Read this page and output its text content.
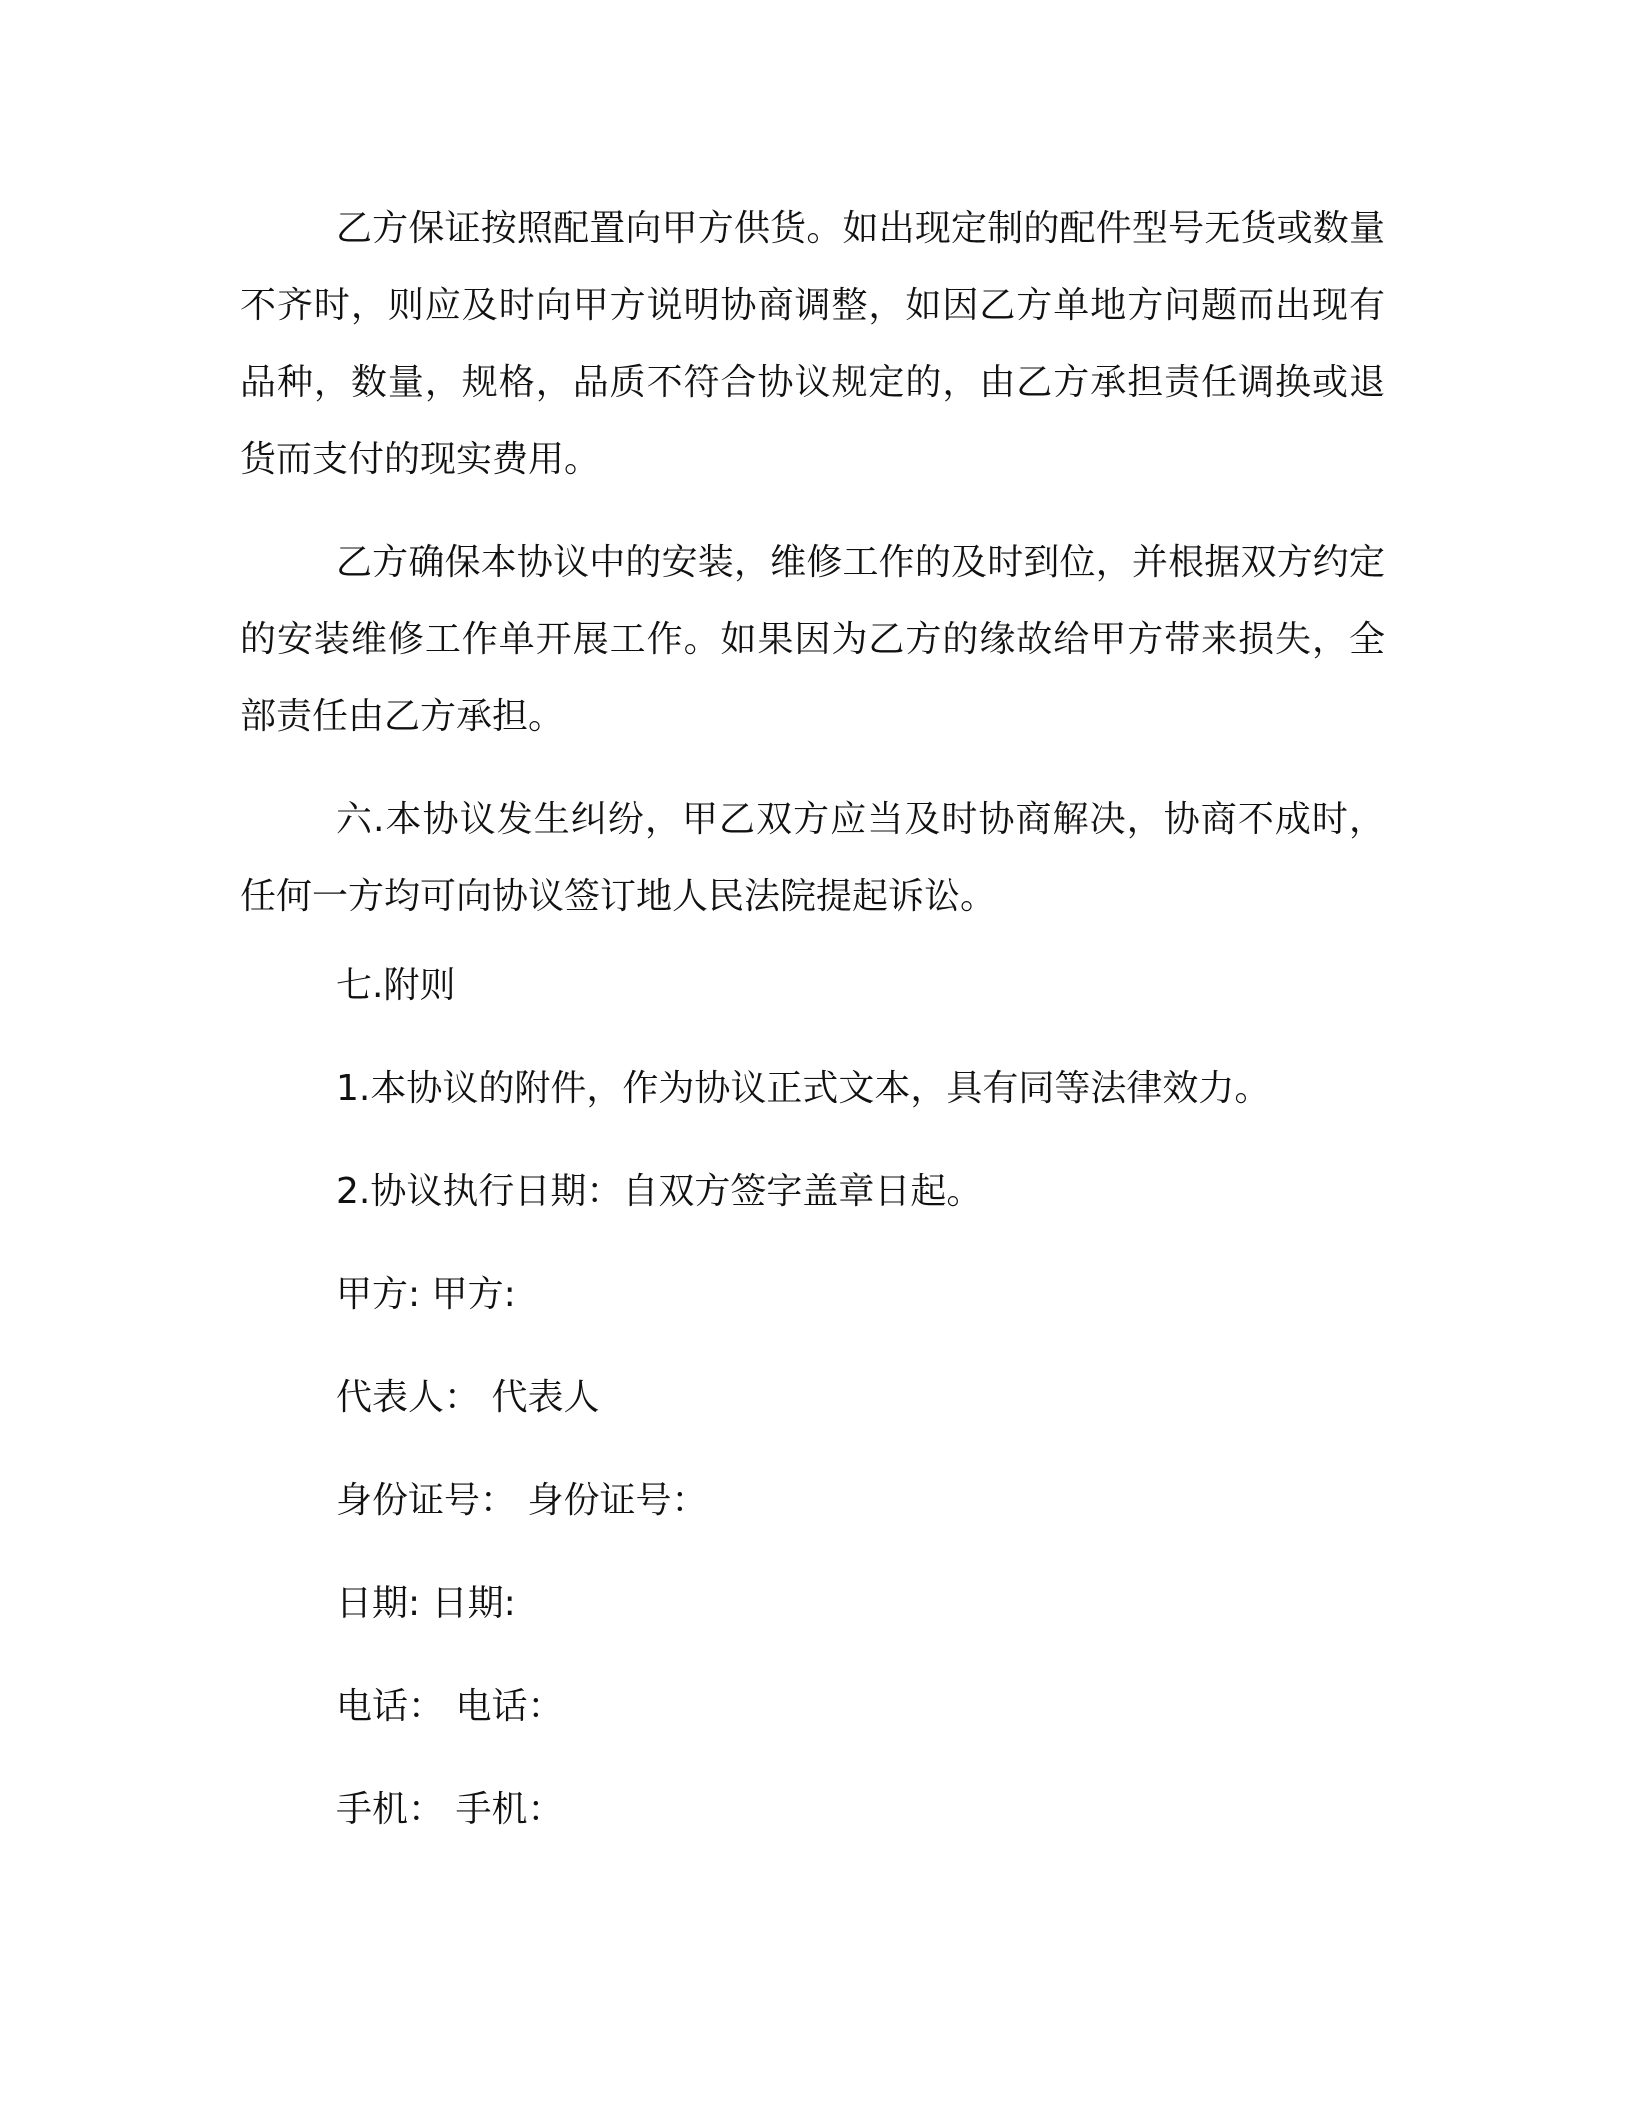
乙方保证按照配置向甲方供货。如出现定制的配件型号无货或数量不齐时，则应及时向甲方说明协商调整，如因乙方单地方问题而出现有品种，数量，规格，品质不符合协议规定的，由乙方承担责任调换或退货而支付的现实费用。

乙方确保本协议中的安装，维修工作的及时到位，并根据双方约定的安装维修工作单开展工作。如果因为乙方的缘故给甲方带来损失，全部责任由乙方承担。

六.本协议发生纠纷，甲乙双方应当及时协商解决，协商不成时，任何一方均可向协议签订地人民法院提起诉讼。

七.附则
1.本协议的附件，作为协议正式文本，具有同等法律效力。
2.协议执行日期：自双方签字盖章日起。
甲方: 甲方:
代表人： 代表人
身份证号： 身份证号：
日期: 日期:
电话： 电话：
手机： 手机：
